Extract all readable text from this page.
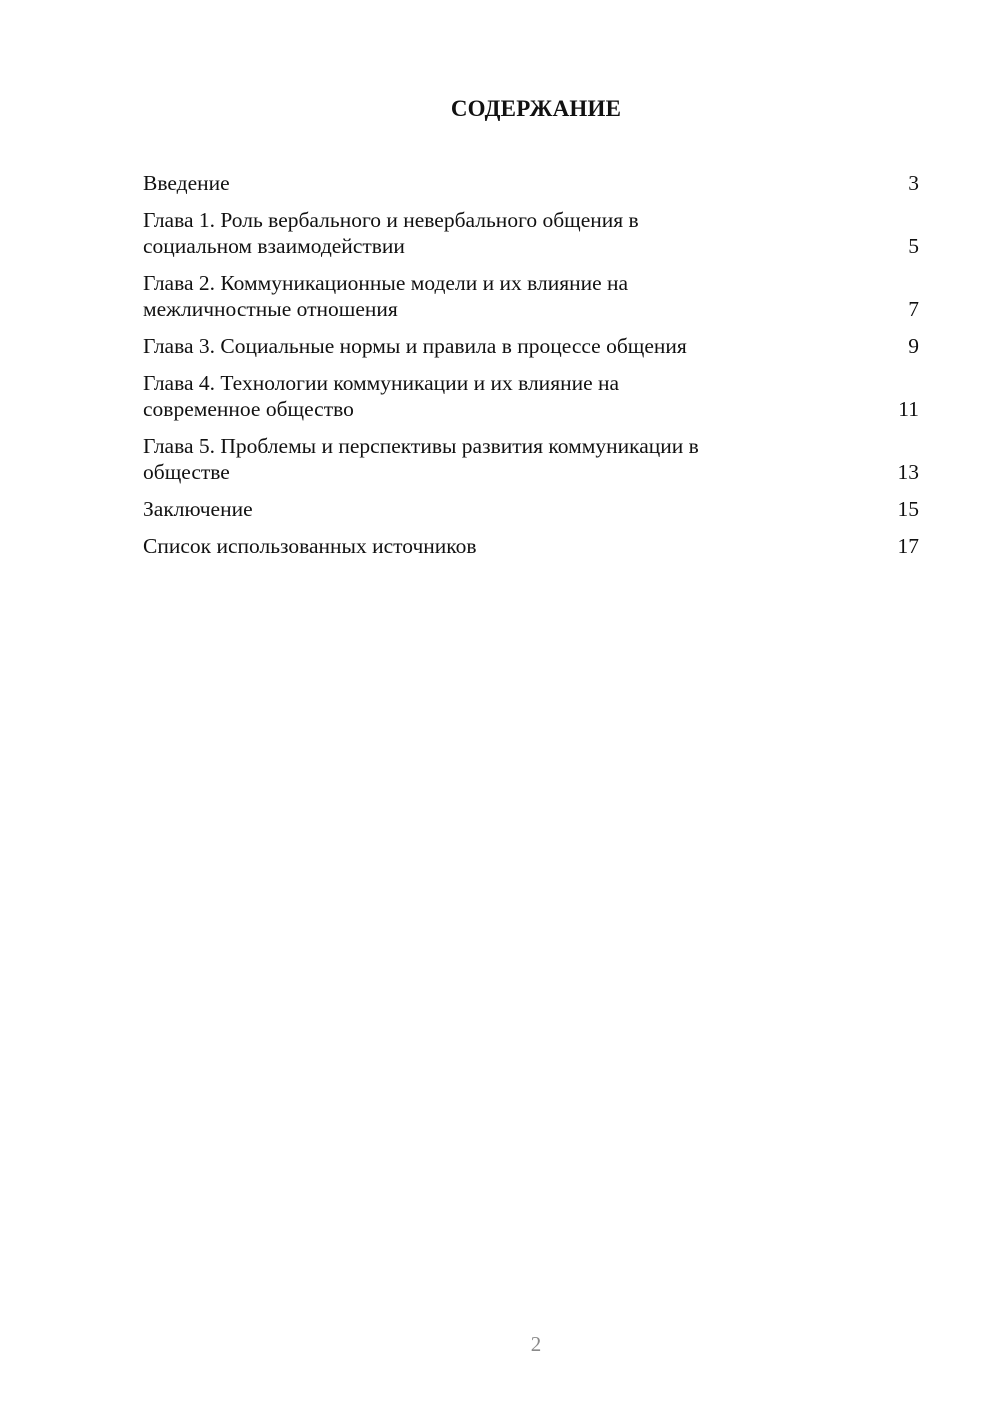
СОДЕРЖАНИЕ
Введение	3
Глава 1. Роль вербального и невербального общения в
социальном взаимодействии	5
Глава 2. Коммуникационные модели и их влияние на
межличностные отношения	7
Глава 3. Социальные нормы и правила в процессе общения	9
Глава 4. Технологии коммуникации и их влияние на
современное общество	11
Глава 5. Проблемы и перспективы развития коммуникации в
обществе	13
Заключение	15
Список использованных источников	17
2
